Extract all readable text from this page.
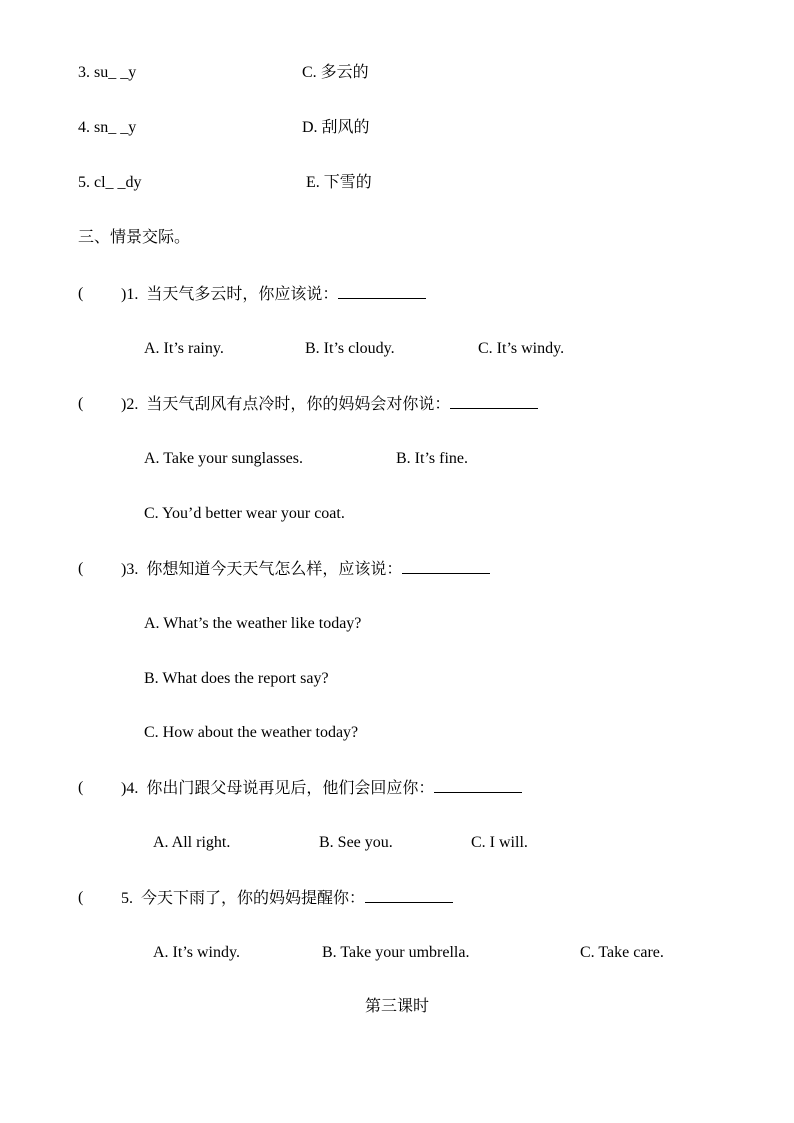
3. su_ _y	C. 多云的
4. sn_ _y	D. 刮风的
5. cl_ _dy	E. 下雪的
三、情景交际。
( )1. 当天气多云时，你应该说：
A. It’s rainy.	B. It’s cloudy.	C. It’s windy.
( )2. 当天气刮风有点冷时，你的妈妈会对你说：
A. Take your sunglasses.	B. It’s fine.
C. You’d better wear your coat.
( )3. 你想知道今天天气怎么样，应该说：
A. What’s the weather like today?
B. What does the report say?
C. How about the weather today?
( )4. 你出门跟父母说再见后，他们会回应你：
A. All right.	B. See you.	C. I will.
( 5. 今天下雨了，你的妈妈提醒你：
A. It’s windy.	B. Take your umbrella.	C. Take care.
第三课时
